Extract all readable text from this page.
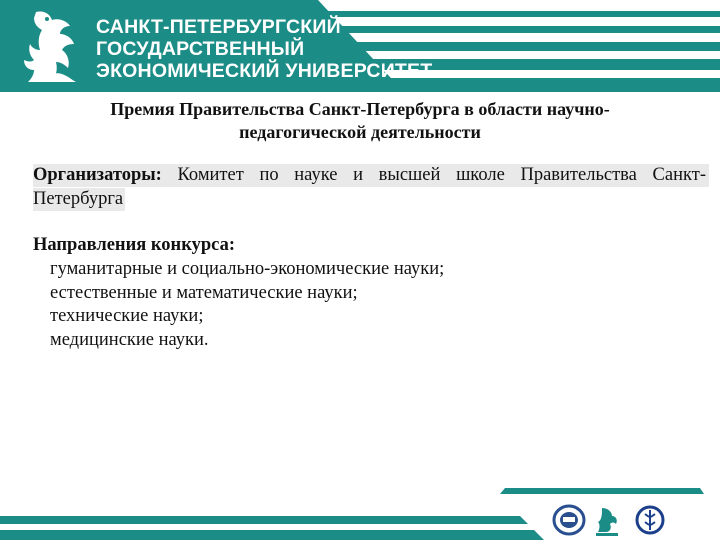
САНКТ-ПЕТЕРБУРГСКИЙ
ГОСУДАРСТВЕННЫЙ
ЭКОНОМИЧЕСКИЙ УНИВЕРСИТЕТ
Премия Правительства Санкт-Петербурга в области научно-
педагогической деятельности
Организаторы: Комитет по науке и высшей школе Правительства Санкт-
Петербурга
Направления конкурса:
гуманитарные и социально-экономические науки;
естественные и математические науки;
технические науки;
медицинские науки.
